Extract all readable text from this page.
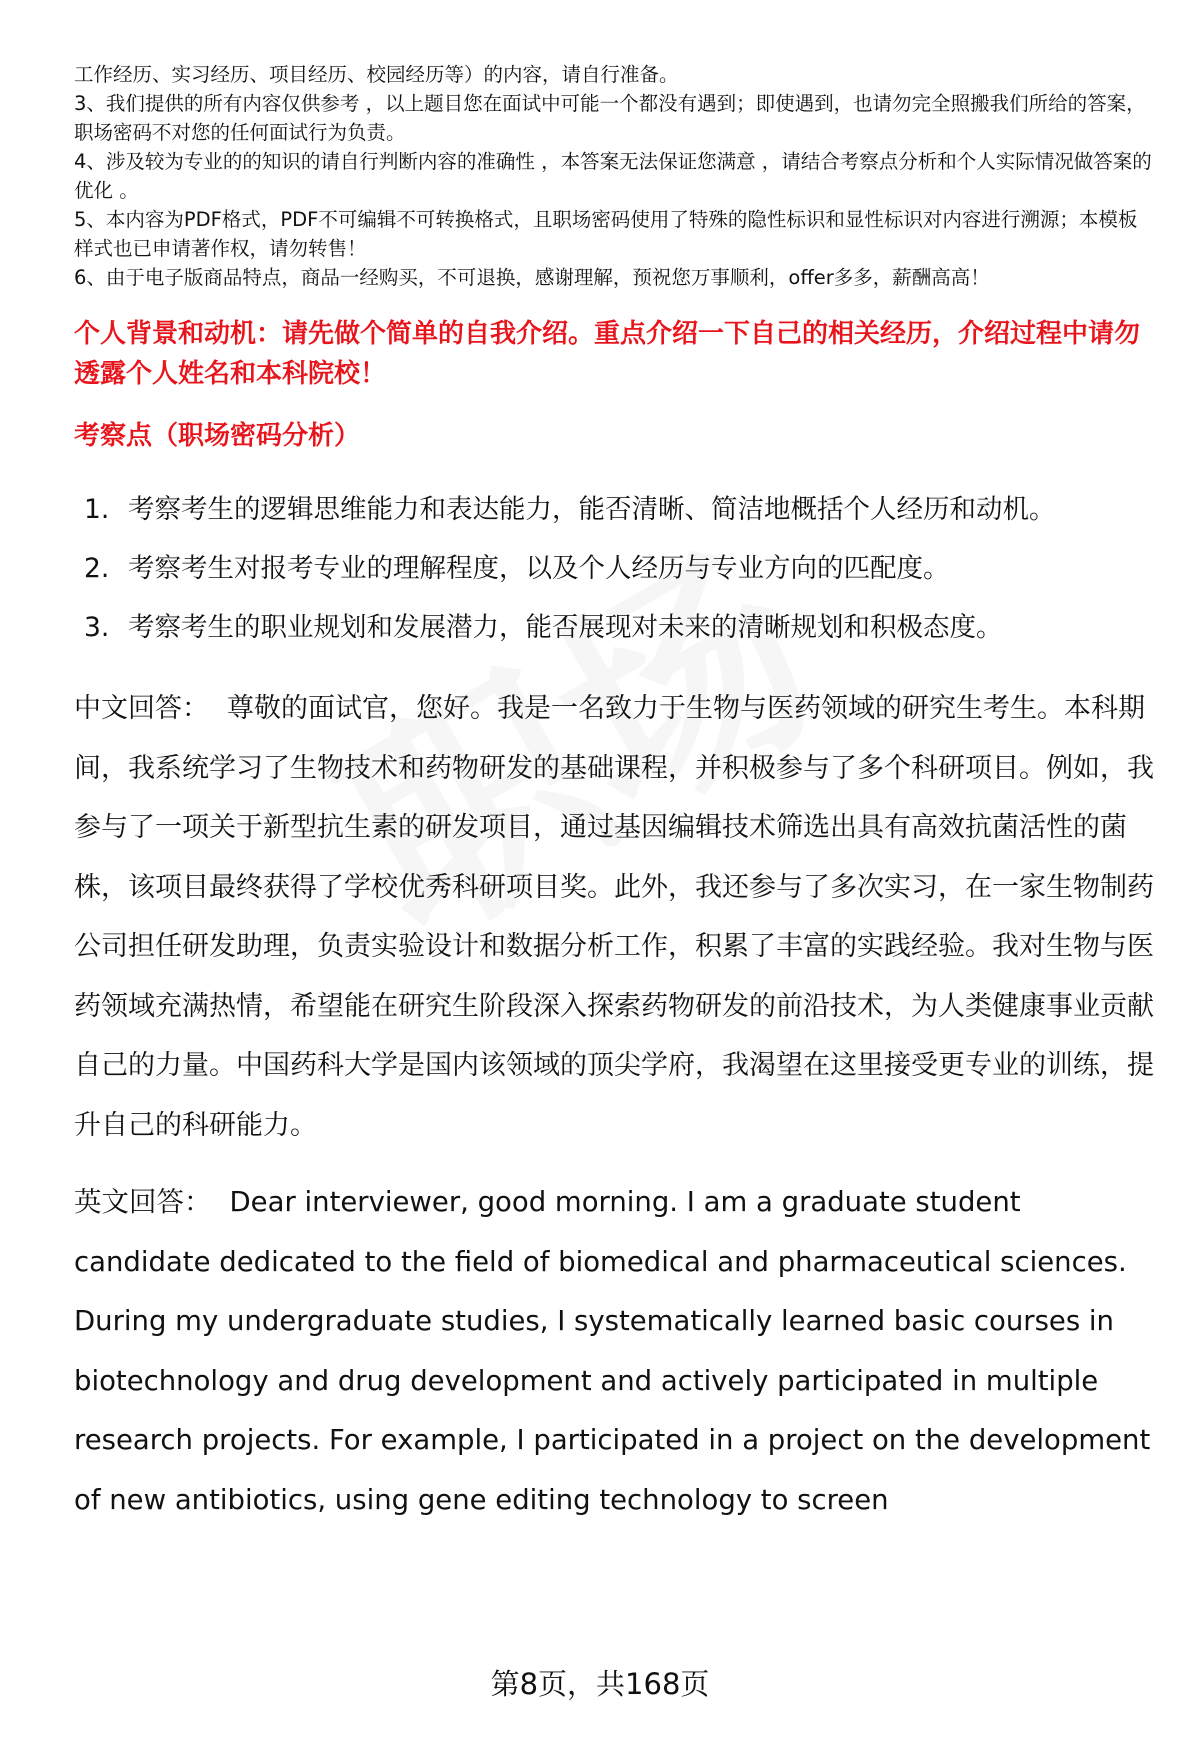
工作经历、实习经历、项目经历、校园经历等）的内容，请自行准备。

3、我们提供的所有内容仅供参考 ，以上题目您在面试中可能一个都没有遇到；即使遇到，也请勿完全照搬我们所给的答案，职场密码不对您的任何面试行为负责。

4、涉及较为专业的的知识的请自行判断内容的准确性 ，本答案无法保证您满意 ，请结合考察点分析和个人实际情况做答案的优化 。

5、本内容为PDF格式，PDF不可编辑不可转换格式，且职场密码使用了特殊的隐性标识和显性标识对内容进行溯源；本模板样式也已申请著作权，请勿转售！

6、由于电子版商品特点，商品一经购买，不可退换，感谢理解，预祝您万事顺利，offer多多，薪酬高高！

个人背景和动机：请先做个简单的自我介绍。重点介绍一下自己的相关经历，介绍过程中请勿透露个人姓名和本科院校！
考察点（职场密码分析）
1. 考察考生的逻辑思维能力和表达能力，能否清晰、简洁地概括个人经历和动机。
2. 考察考生对报考专业的理解程度，以及个人经历与专业方向的匹配度。
3. 考察考生的职业规划和发展潜力，能否展现对未来的清晰规划和积极态度。

中文回答： 尊敬的面试官，您好。我是一名致力于生物与医药领域的研究生考生。本科期间，我系统学习了生物技术和药物研发的基础课程，并积极参与了多个科研项目。例如，我参与了一项关于新型抗生素的研发项目，通过基因编辑技术筛选出具有高效抗菌活性的菌株，该项目最终获得了学校优秀科研项目奖。此外，我还参与了多次实习，在一家生物制药公司担任研发助理，负责实验设计和数据分析工作，积累了丰富的实践经验。我对生物与医药领域充满热情，希望能在研究生阶段深入探索药物研发的前沿技术，为人类健康事业贡献自己的力量。中国药科大学是国内该领域的顶尖学府，我渴望在这里接受更专业的训练，提升自己的科研能力。

英文回答： Dear interviewer, good morning. I am a graduate student candidate dedicated to the field of biomedical and pharmaceutical sciences. During my undergraduate studies, I systematically learned basic courses in biotechnology and drug development and actively participated in multiple research projects. For example, I participated in a project on the development of new antibiotics, using gene editing technology to screen

第8页，共168页
